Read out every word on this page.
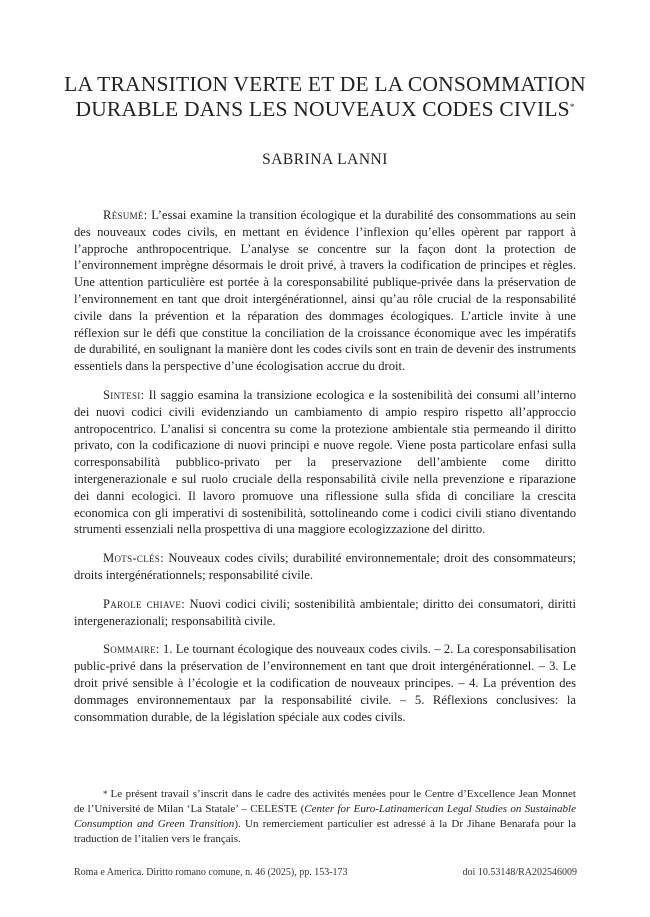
LA TRANSITION VERTE ET DE LA CONSOMMATION DURABLE DANS LES NOUVEAUX CODES CIVILS*
SABRINA LANNI

Résumé: L’essai examine la transition écologique et la durabilité des consommations au sein des nouveaux codes civils, en mettant en évidence l’inflexion qu’elles opèrent par rapport à l’approche anthropocentrique. L’analyse se concentre sur la façon dont la protection de l’environnement imprègne désormais le droit privé, à travers la codification de principes et règles. Une attention particulière est portée à la coresponsabilité publique-privée dans la préservation de l’environnement en tant que droit intergénérationnel, ainsi qu’au rôle crucial de la responsabilité civile dans la prévention et la réparation des dommages écologiques. L’article invite à une réflexion sur le défi que constitue la conciliation de la croissance économique avec les impératifs de durabilité, en soulignant la manière dont les codes civils sont en train de devenir des instruments essentiels dans la perspective d’une écologisation accrue du droit.

Sintesi: Il saggio esamina la transizione ecologica e la sostenibilità dei consumi all’interno dei nuovi codici civili evidenziando un cambiamento di ampio respiro rispetto all’approccio antropocentrico. L’analisi si concentra su come la protezione ambientale stia permeando il diritto privato, con la codificazione di nuovi principi e nuove regole. Viene posta particolare enfasi sulla corresponsabilità pubblico-privato per la preservazione dell’ambiente come diritto intergenerazionale e sul ruolo cruciale della responsabilità civile nella prevenzione e riparazione dei danni ecologici. Il lavoro promuove una riflessione sulla sfida di conciliare la crescita economica con gli imperativi di sostenibilità, sottolineando come i codici civili stiano diventando strumenti essenziali nella prospettiva di una maggiore ecologizzazione del diritto.

Mots-clés: Nouveaux codes civils; durabilité environnementale; droit des consommateurs; droits intergénérationnels; responsabilité civile.

Parole chiave: Nuovi codici civili; sostenibilità ambientale; diritto dei consumatori, diritti intergenerazionali; responsabilità civile.

Sommaire: 1. Le tournant écologique des nouveaux codes civils. – 2. La coresponsabilisation public-privé dans la préservation de l’environnement en tant que droit intergénérationnel. – 3. Le droit privé sensible à l’écologie et la codification de nouveaux principes. – 4. La prévention des dommages environnementaux par la responsabilité civile. – 5. Réflexions conclusives: la consommation durable, de la législation spéciale aux codes civils.

* Le présent travail s’inscrit dans le cadre des activités menées pour le Centre d’Excellence Jean Monnet de l’Université de Milan ‘La Statale’ – CELESTE (Center for Euro-Latinamerican Legal Studies on Sustainable Consumption and Green Transition). Un remerciement particulier est adressé à la Dr Jihane Benarafa pour la traduction de l’italien vers le français.

Roma e America. Diritto romano comune, n. 46 (2025), pp. 153-173	doi 10.53148/RA202546009
